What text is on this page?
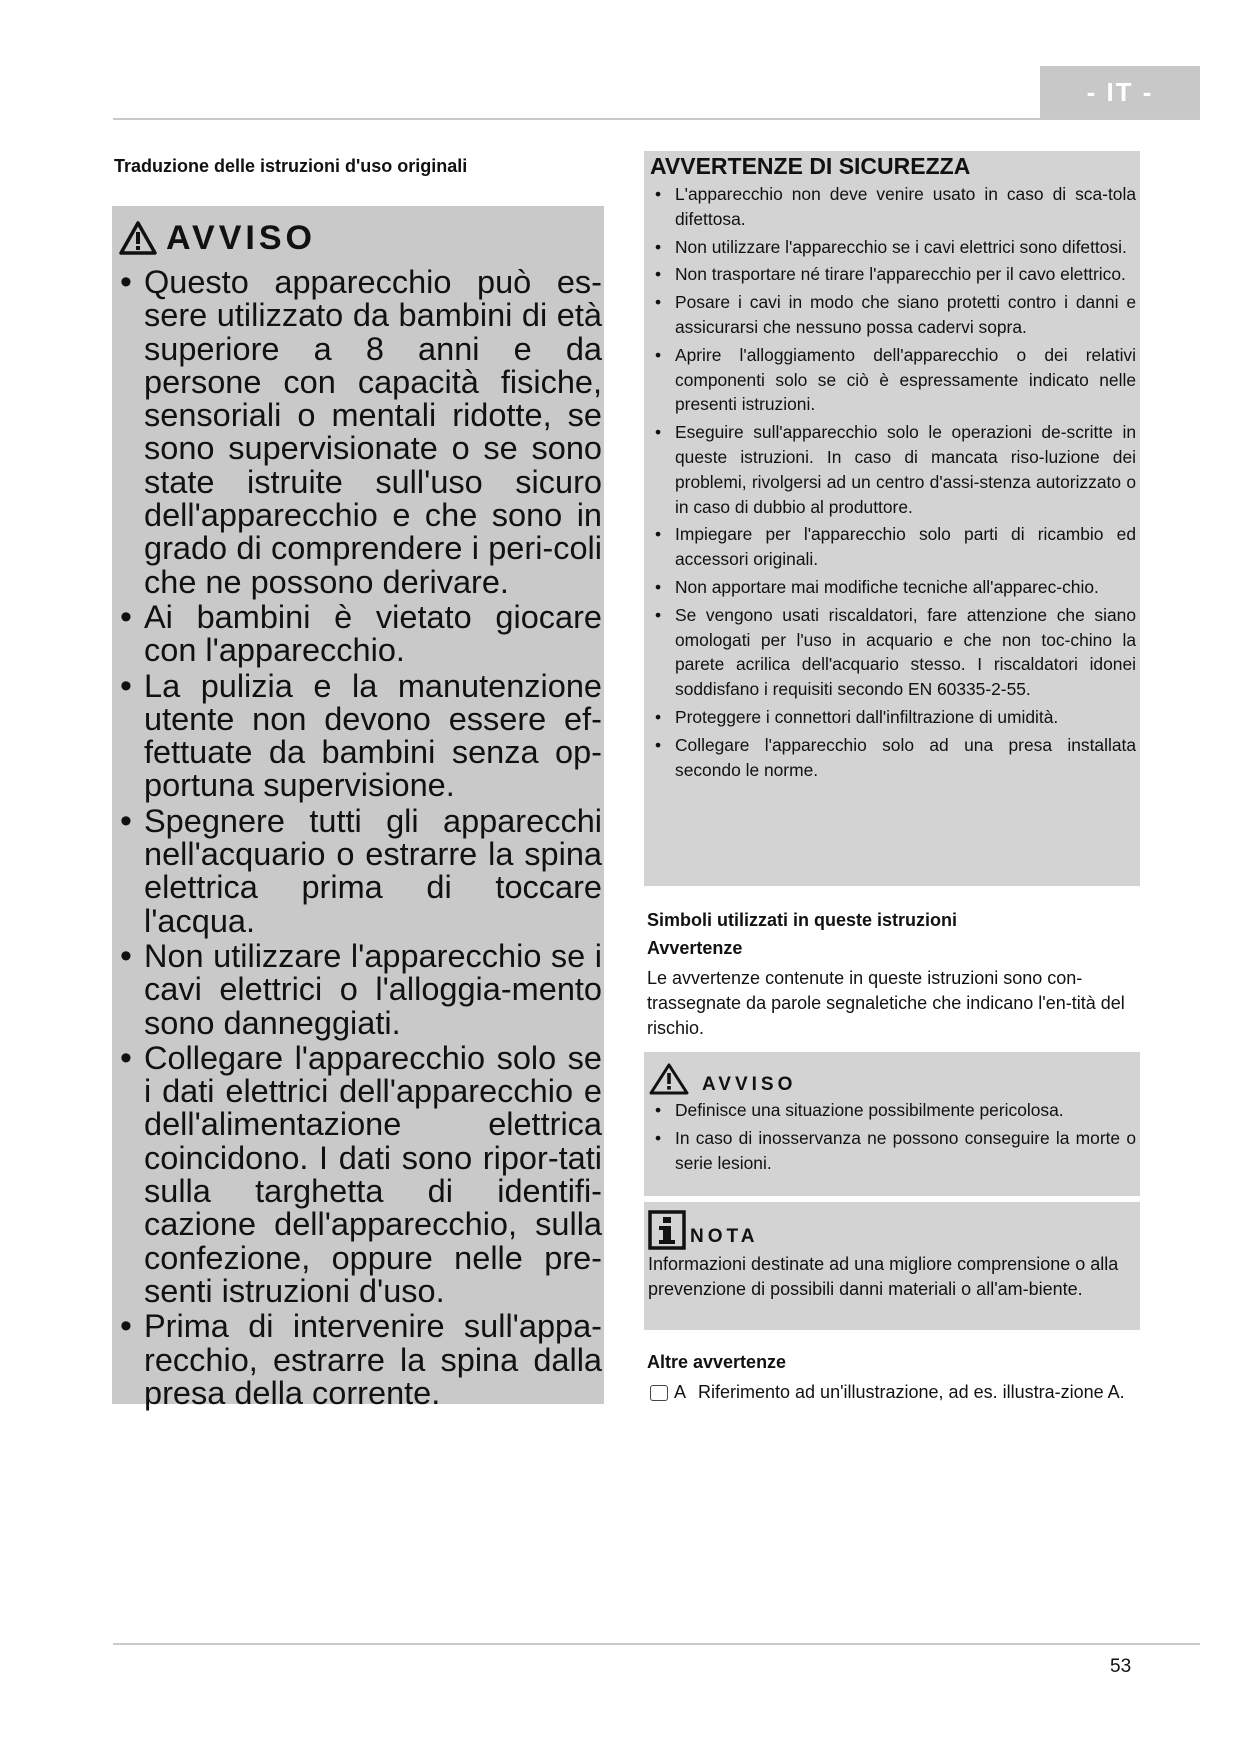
- IT -
Traduzione delle istruzioni d'uso originali
AVVISO
• Questo apparecchio può es-sere utilizzato da bambini di età superiore a 8 anni e da persone con capacità fisiche, sensoriali o mentali ridotte, se sono supervisionate o se sono state istruite sull'uso sicuro dell'apparecchio e che sono in grado di comprendere i peri-coli che ne possono derivare.
• Ai bambini è vietato giocare con l'apparecchio.
• La pulizia e la manutenzione utente non devono essere ef-fettuate da bambini senza op-portuna supervisione.
• Spegnere tutti gli apparecchi nell'acquario o estrarre la spina elettrica prima di toccare l'acqua.
• Non utilizzare l'apparecchio se i cavi elettrici o l'alloggia-mento sono danneggiati.
• Collegare l'apparecchio solo se i dati elettrici dell'apparecchio e dell'alimentazione elettrica coincidono. I dati sono ripor-tati sulla targhetta di identifi-cazione dell'apparecchio, sulla confezione, oppure nelle pre-senti istruzioni d'uso.
• Prima di intervenire sull'appa-recchio, estrarre la spina dalla presa della corrente.
AVVERTENZE DI SICUREZZA
• L'apparecchio non deve venire usato in caso di sca-tola difettosa.
• Non utilizzare l'apparecchio se i cavi elettrici sono difettosi.
• Non trasportare né tirare l'apparecchio per il cavo elettrico.
• Posare i cavi in modo che siano protetti contro i danni e assicurarsi che nessuno possa cadervi sopra.
• Aprire l'alloggiamento dell'apparecchio o dei relativi componenti solo se ciò è espressamente indicato nelle presenti istruzioni.
• Eseguire sull'apparecchio solo le operazioni de-scritte in queste istruzioni. In caso di mancata riso-luzione dei problemi, rivolgersi ad un centro d'assi-stenza autorizzato o in caso di dubbio al produttore.
• Impiegare per l'apparecchio solo parti di ricambio ed accessori originali.
• Non apportare mai modifiche tecniche all'apparec-chio.
• Se vengono usati riscaldatori, fare attenzione che siano omologati per l'uso in acquario e che non toc-chino la parete acrilica dell'acquario stesso. I riscaldatori idonei soddisfano i requisiti secondo EN 60335-2-55.
• Proteggere i connettori dall'infiltrazione di umidità.
• Collegare l'apparecchio solo ad una presa installata secondo le norme.
Simboli utilizzati in queste istruzioni
Avvertenze
Le avvertenze contenute in queste istruzioni sono con-trassegnate da parole segnaletiche che indicano l'en-tità del rischio.
AVVISO
• Definisce una situazione possibilmente pericolosa.
• In caso di inosservanza ne possono conseguire la morte o serie lesioni.
NOTA
Informazioni destinate ad una migliore comprensione o alla prevenzione di possibili danni materiali o all'am-biente.
Altre avvertenze
A Riferimento ad un'illustrazione, ad es. illustra-zione A.
53
